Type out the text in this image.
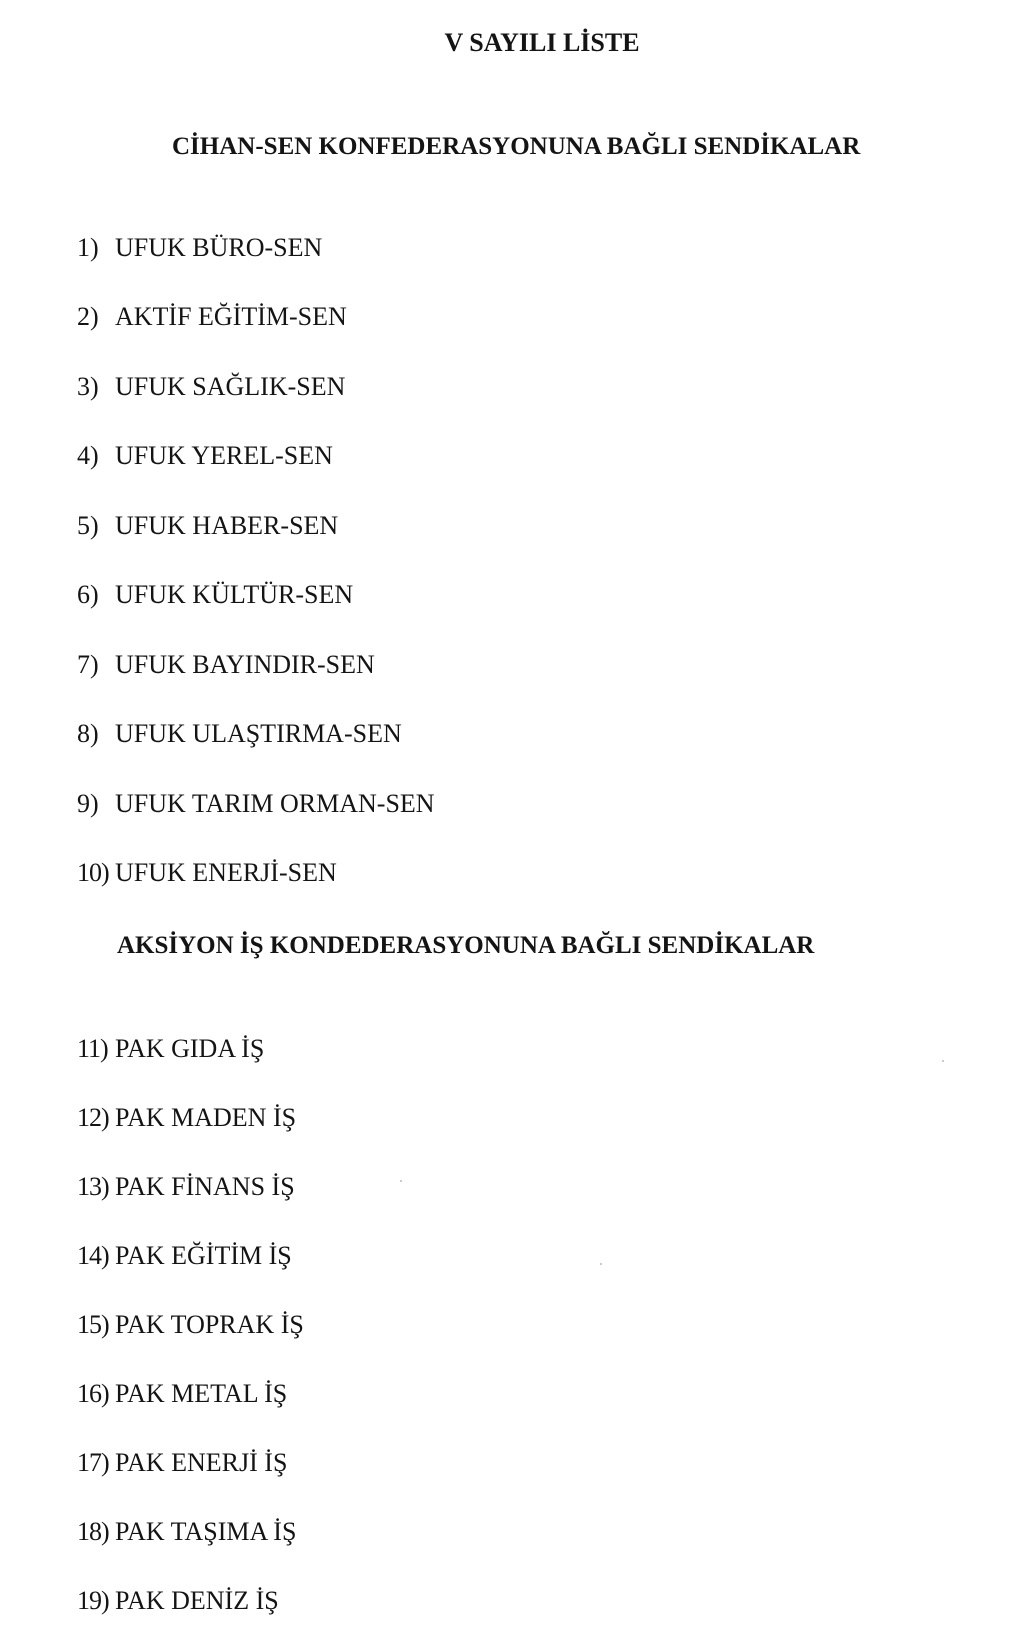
V SAYILI LİSTE
CİHAN-SEN KONFEDERASYONUNA BAĞLI SENDİKALAR
1) UFUK BÜRO-SEN
2) AKTİF EĞİTİM-SEN
3) UFUK SAĞLIK-SEN
4) UFUK YEREL-SEN
5) UFUK HABER-SEN
6) UFUK KÜLTÜR-SEN
7) UFUK BAYINDIR-SEN
8) UFUK ULAŞTIRMA-SEN
9) UFUK TARIM ORMAN-SEN
10) UFUK ENERJİ-SEN
AKSİYON İŞ KONDEDERASYONUNA BAĞLI SENDİKALAR
11) PAK GIDA İŞ
12) PAK MADEN İŞ
13) PAK FİNANS İŞ
14) PAK EĞİTİM İŞ
15) PAK TOPRAK İŞ
16) PAK METAL İŞ
17) PAK ENERJİ İŞ
18) PAK TAŞIMA İŞ
19) PAK DENİZ İŞ
